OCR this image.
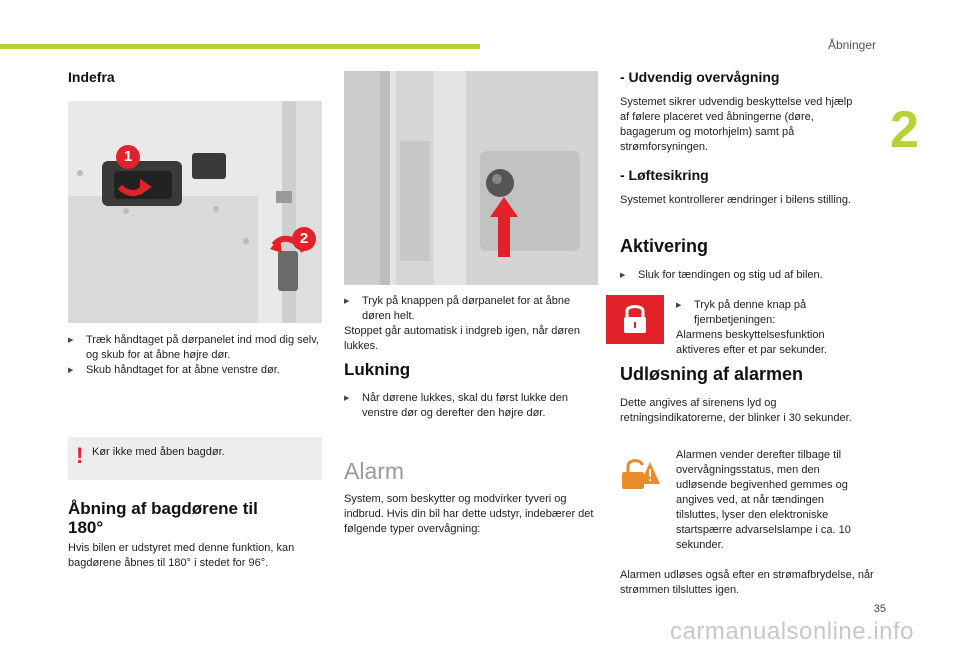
Åbninger
2
Indefra
1
2
▶ Træk håndtaget på dørpanelet ind mod dig selv, og skub for at åbne højre dør.
▶ Skub håndtaget for at åbne venstre dør.
! Kør ikke med åben bagdør.
Åbning af bagdørene til
180°
Hvis bilen er udstyret med denne funktion, kan bagdørene åbnes til 180° i stedet for 96°.
▶ Tryk på knappen på dørpanelet for at åbne døren helt.
Stoppet går automatisk i indgreb igen, når døren lukkes.
Lukning
▶ Når dørene lukkes, skal du først lukke den venstre dør og derefter den højre dør.
Alarm
System, som beskytter og modvirker tyveri og indbrud. Hvis din bil har dette udstyr, indebærer det følgende typer overvågning:
- Udvendig overvågning
Systemet sikrer udvendig beskyttelse ved hjælp af følere placeret ved åbningerne (døre, bagagerum og motorhjelm) samt på strømforsyningen.
- Løftesikring
Systemet kontrollerer ændringer i bilens stilling.
Aktivering
▶ Sluk for tændingen og stig ud af bilen.
▶ Tryk på denne knap på fjernbetjeningen:
Alarmens beskyttelsesfunktion aktiveres efter et par sekunder.
Udløsning af alarmen
Dette angives af sirenens lyd og retningsindikatorerne, der blinker i 30 sekunder.
Alarmen vender derefter tilbage til overvågningsstatus, men den udløsende begivenhed gemmes og angives ved, at når tændingen tilsluttes, lyser den elektroniske startspærre advarselslampe i ca. 10 sekunder.
Alarmen udløses også efter en strømafbrydelse, når strømmen tilsluttes igen.
35
carmanualsonline.info
